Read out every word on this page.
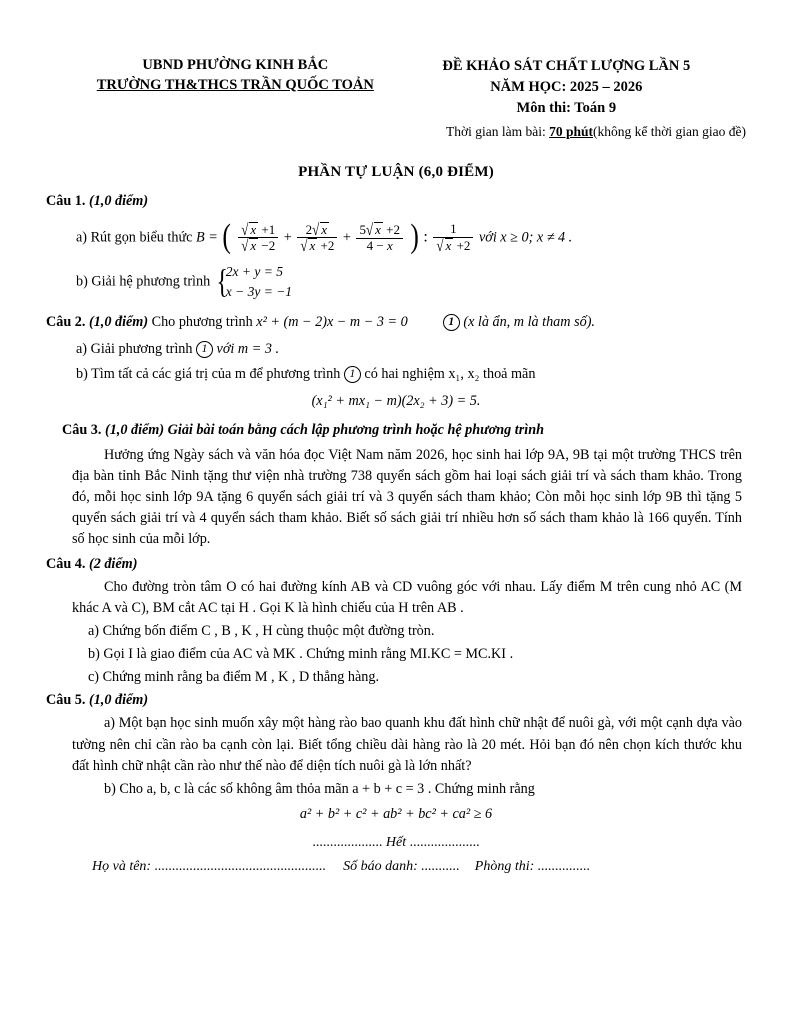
UBND PHƯỜNG KINH BẮC
TRƯỜNG TH&THCS TRẦN QUỐC TOẢN
ĐỀ KHẢO SÁT CHẤT LƯỢNG LẦN 5
NĂM HỌC: 2025 – 2026
Môn thi: Toán 9
Thời gian làm bài: 70 phút(không kể thời gian giao đề)
PHẦN TỰ LUẬN (6,0 ĐIỂM)
Câu 1. (1,0 điểm)
a) Rút gọn biểu thức B = ( $\frac{√ x +1}{√ x -2} + \frac{2√ x}{√ x +2} + \frac{5√ x +2}{4 - x}$ ) : $\frac{1}{√ x +2}$ với x ≥ 0; x ≠ 4 .
b) Giải hệ phương trình {
2x + y = 5
x − 3y = −1
Câu 2. (1,0 điểm) Cho phương trình x² + (m − 2)x − m − 3 = 0	1 (x là ẩn, m là tham số).
a) Giải phương trình 1 với m = 3 .
b) Tìm tất cả các giá trị của m để phương trình 1 có hai nghiệm x₁, x₂ thoả mãn
(x₁² + mx₁ − m)(2x₂ + 3) = 5.
Câu 3. (1,0 điểm) Giải bài toán bằng cách lập phương trình hoặc hệ phương trình
Hưởng ứng Ngày sách và văn hóa đọc Việt Nam năm 2026, học sinh hai lớp 9A, 9B tại một trường THCS trên địa bàn tỉnh Bắc Ninh tặng thư viện nhà trường 738 quyển sách gồm hai loại sách giải trí và sách tham khảo. Trong đó, mỗi học sinh lớp 9A tặng 6 quyển sách giải trí và 3 quyển sách tham khảo; Còn mỗi học sinh lớp 9B thì tặng 5 quyển sách giải trí và 4 quyển sách tham khảo. Biết số sách giải trí nhiều hơn số sách tham khảo là 166 quyển. Tính số học sinh của mỗi lớp.
Câu 4. (2 điểm)
Cho đường tròn tâm O có hai đường kính AB và CD vuông góc với nhau. Lấy điểm M trên cung nhỏ AC (M khác A và C), BM cắt AC tại H . Gọi K là hình chiếu của H trên AB .
a) Chứng bốn điểm C , B , K , H cùng thuộc một đường tròn.
b) Gọi I là giao điểm của AC và MK . Chứng minh rằng MI.KC = MC.KI .
c) Chứng minh rằng ba điểm M , K , D thẳng hàng.
Câu 5. (1,0 điểm)
a) Một bạn học sinh muốn xây một hàng rào bao quanh khu đất hình chữ nhật để nuôi gà, với một cạnh dựa vào tường nên chỉ cần rào ba cạnh còn lại. Biết tổng chiều dài hàng rào là 20 mét. Hỏi bạn đó nên chọn kích thước khu đất hình chữ nhật cần rào như thế nào để diện tích nuôi gà là lớn nhất?
b) Cho a, b, c là các số không âm thỏa mãn a + b + c = 3 . Chứng minh rằng
a² + b² + c² + ab² + bc² + ca² ≥ 6
.................... Hết ....................
Họ và tên: ................................................. Số báo danh: ........... Phòng thi: ...............
